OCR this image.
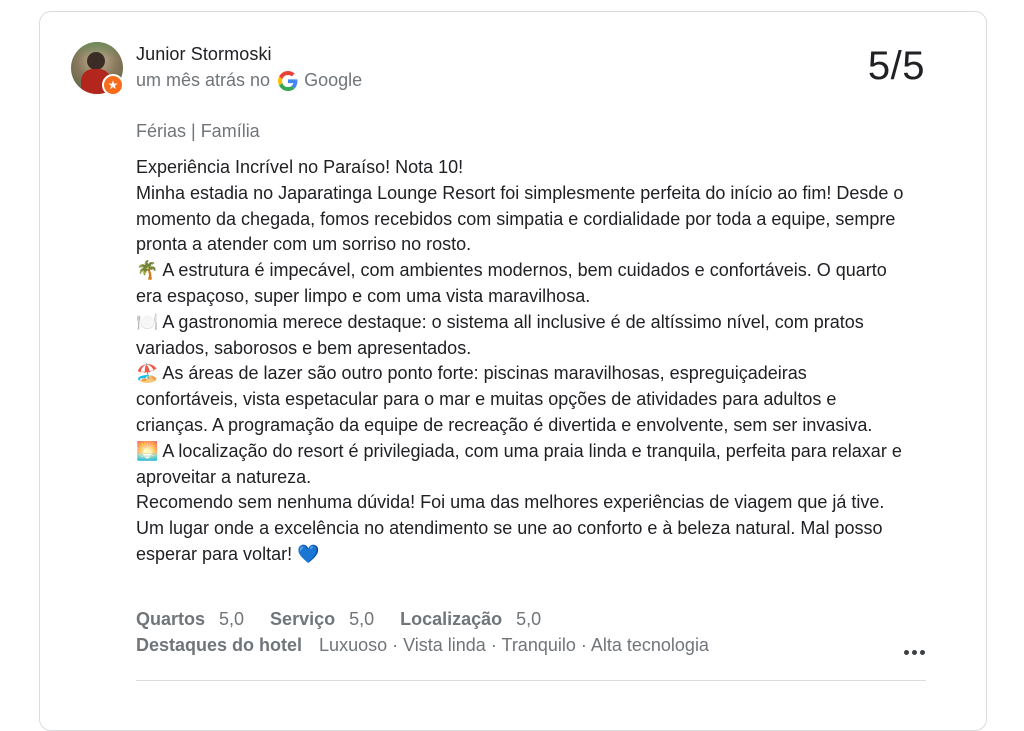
★
Junior Stormoski
um mês atrás no Google	5/5
Férias | Família

Experiência Incrível no Paraíso! Nota 10!

Minha estadia no Japaratinga Lounge Resort foi simplesmente perfeita do início ao fim! Desde o momento da chegada, fomos recebidos com simpatia e cordialidade por toda a equipe, sempre pronta a atender com um sorriso no rosto.

🌴 A estrutura é impecável, com ambientes modernos, bem cuidados e confortáveis. O quarto era espaçoso, super limpo e com uma vista maravilhosa.

🍽️ A gastronomia merece destaque: o sistema all inclusive é de altíssimo nível, com pratos variados, saborosos e bem apresentados.

🏖️ As áreas de lazer são outro ponto forte: piscinas maravilhosas, espreguiçadeiras confortáveis, vista espetacular para o mar e muitas opções de atividades para adultos e crianças. A programação da equipe de recreação é divertida e envolvente, sem ser invasiva.

🌅 A localização do resort é privilegiada, com uma praia linda e tranquila, perfeita para relaxar e aproveitar a natureza.

Recomendo sem nenhuma dúvida! Foi uma das melhores experiências de viagem que já tive. Um lugar onde a excelência no atendimento se une ao conforto e à beleza natural. Mal posso esperar para voltar! 💙

Quartos 5,0 Serviço 5,0 Localização 5,0
Destaques do hotel Luxuoso · Vista linda · Tranquilo · Alta tecnologia
